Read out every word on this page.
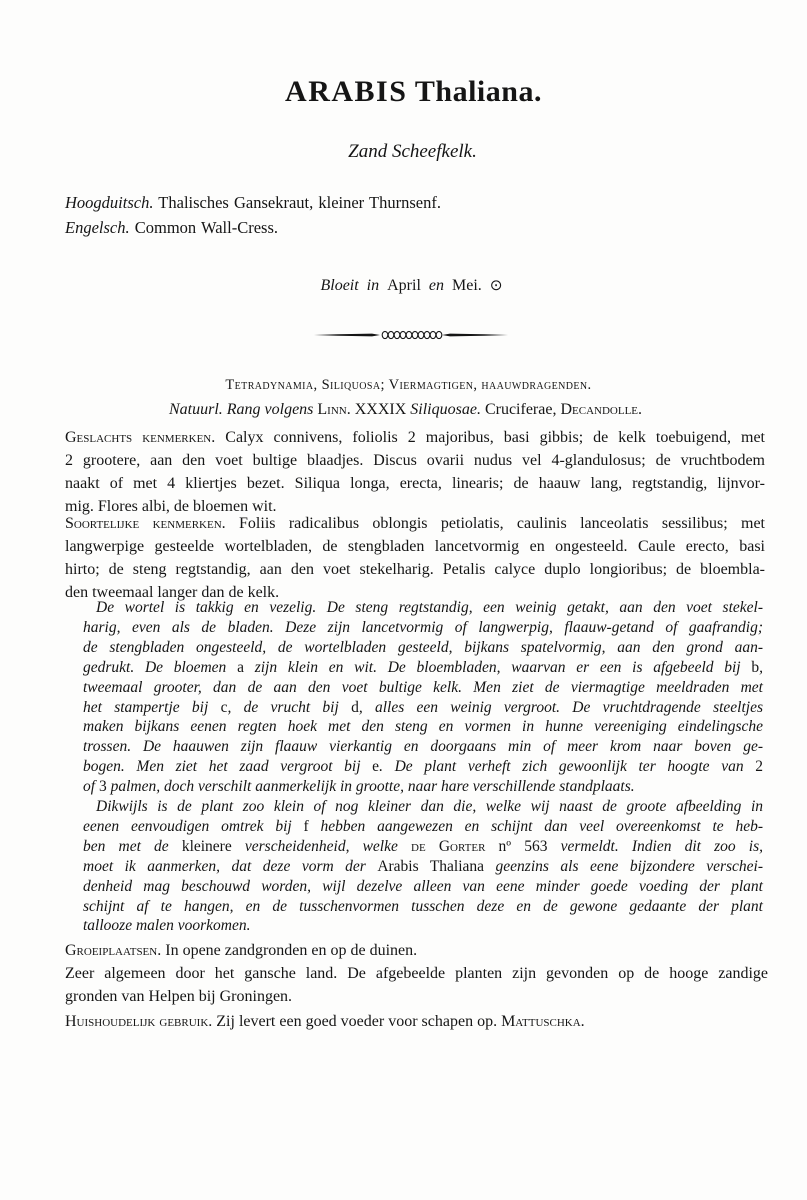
ARABIS Thaliana.
Zand Scheefkelk.
Hoogduitsch. Thalisches Gansekraut, kleiner Thurnsenf.
Engelsch. Common Wall-Cress.
Bloeit in April en Mei. ⊙
Tetradynamia, Siliquosa; Viermagtigen, haauwdragenden.
Natuurl. Rang volgens Linn. XXXIX Siliquosae. Cruciferae, Decandolle.
Geslachts kenmerken. Calyx connivens, foliolis 2 majoribus, basi gibbis; de kelk toebuigend, met
2 grootere, aan den voet bultige blaadjes. Discus ovarii nudus vel 4-glandulosus; de vruchtbodem
naakt of met 4 kliertjes bezet. Siliqua longa, erecta, linearis; de haauw lang, regtstandig, lijnvor-
mig. Flores albi, de bloemen wit.
Soortelijke kenmerken. Foliis radicalibus oblongis petiolatis, caulinis lanceolatis sessilibus; met
langwerpige gesteelde wortelbladen, de stengbladen lancetvormig en ongesteeld. Caule erecto, basi
hirto; de steng regtstandig, aan den voet stekelharig. Petalis calyce duplo longioribus; de bloembla-
den tweemaal langer dan de kelk.
De wortel is takkig en vezelig. De steng regtstandig, een weinig getakt, aan den voet stekel-
harig, even als de bladen. Deze zijn lancetvormig of langwerpig, flaauw-getand of gaafrandig;
de stengbladen ongesteeld, de wortelbladen gesteeld, bijkans spatelvormig, aan den grond aan-
gedrukt. De bloemen a zijn klein en wit. De bloembladen, waarvan er een is afgebeeld bij b,
tweemaal grooter, dan de aan den voet bultige kelk. Men ziet de viermagtige meeldraden met
het stampertje bij c, de vrucht bij d, alles een weinig vergroot. De vruchtdragende steeltjes
maken bijkans eenen regten hoek met den steng en vormen in hunne vereeniging eindelingsche
trossen. De haauwen zijn flaauw vierkantig en doorgaans min of meer krom naar boven ge-
bogen. Men ziet het zaad vergroot bij e. De plant verheft zich gewoonlijk ter hoogte van 2
of 3 palmen, doch verschilt aanmerkelijk in grootte, naar hare verschillende standplaats.
Dikwijls is de plant zoo klein of nog kleiner dan die, welke wij naast de groote afbeelding in
eenen eenvoudigen omtrek bij f hebben aangewezen en schijnt dan veel overeenkomst te heb-
ben met de kleinere verscheidenheid, welke de Gorter nº 563 vermeldt. Indien dit zoo is,
moet ik aanmerken, dat deze vorm der Arabis Thaliana geenzins als eene bijzondere verschei-
denheid mag beschouwd worden, wijl dezelve alleen van eene minder goede voeding der plant
schijnt af te hangen, en de tusschenvormen tusschen deze en de gewone gedaante der plant
tallooze malen voorkomen.
Groeiplaatsen. In opene zandgronden en op de duinen.
Zeer algemeen door het gansche land. De afgebeelde planten zijn gevonden op de hooge zandige
gronden van Helpen bij Groningen.
Huishoudelijk gebruik. Zij levert een goed voeder voor schapen op. Mattuschka.
